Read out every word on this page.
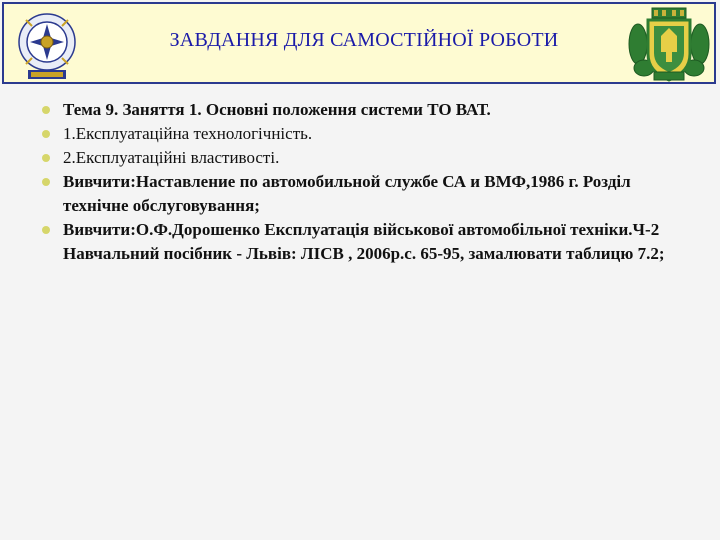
ЗАВДАННЯ ДЛЯ САМОСТІЙНОЇ РОБОТИ
Тема 9. Заняття 1. Основні положення системи ТО ВАТ.
1.Експлуатаційна технологічність.
2.Експлуатаційні властивості.
Вивчити:Наставление по автомобильной службе СА и ВМФ,1986 г. Розділ технічне обслуговування;
Вивчити:О.Ф.Дорошенко Експлуатація військової автомобільної техніки.Ч-2 Навчальний посібник - Львів: ЛІСВ , 2006р.с. 65-95, замалювати таблицю 7.2;
